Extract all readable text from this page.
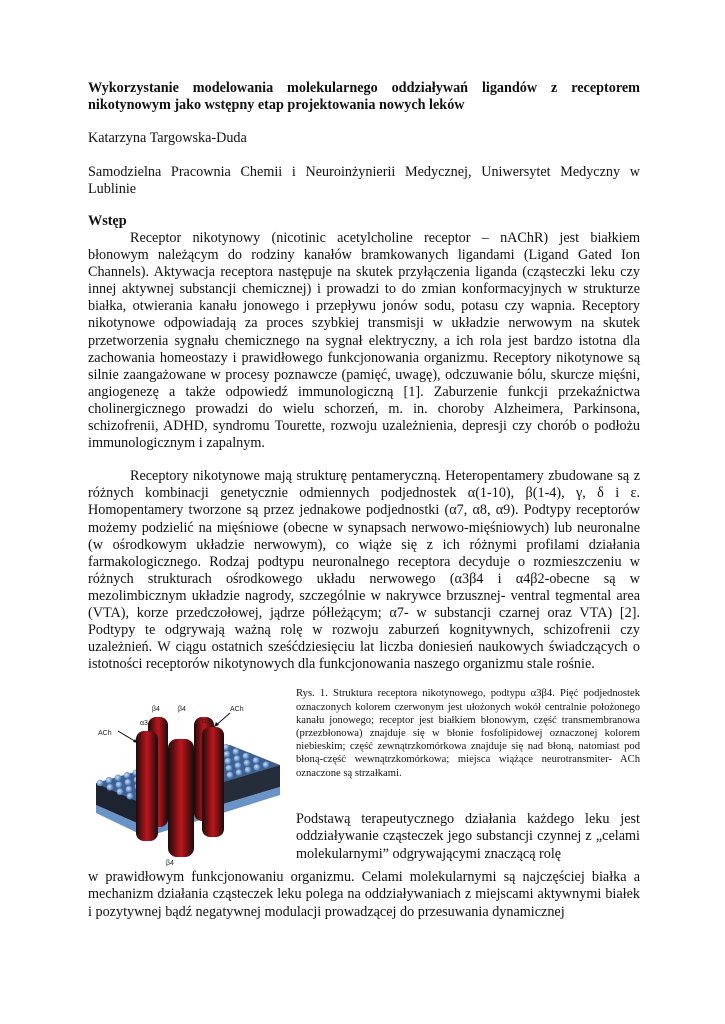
Wykorzystanie modelowania molekularnego oddziaływań ligandów z receptorem nikotynowym jako wstępny etap projektowania nowych leków

Katarzyna Targowska-Duda

Samodzielna Pracownia Chemii i Neuroinżynierii Medycznej, Uniwersytet Medyczny w Lublinie

Wstęp

Receptor nikotynowy (nicotinic acetylcholine receptor – nAChR) jest białkiem błonowym należącym do rodziny kanałów bramkowanych ligandami (Ligand Gated Ion Channels). Aktywacja receptora następuje na skutek przyłączenia liganda (cząsteczki leku czy innej aktywnej substancji chemicznej) i prowadzi to do zmian konformacyjnych w strukturze białka, otwierania kanału jonowego i przepływu jonów sodu, potasu czy wapnia. Receptory nikotynowe odpowiadają za proces szybkiej transmisji w układzie nerwowym na skutek przetworzenia sygnału chemicznego na sygnał elektryczny, a ich rola jest bardzo istotna dla zachowania homeostazy i prawidłowego funkcjonowania organizmu. Receptory nikotynowe są silnie zaangażowane w procesy poznawcze (pamięć, uwagę), odczuwanie bólu, skurcze mięśni, angiogenezę a także odpowiedź immunologiczną [1]. Zaburzenie funkcji przekaźnictwa cholinergicznego prowadzi do wielu schorzeń, m. in. choroby Alzheimera, Parkinsona, schizofrenii, ADHD, syndromu Tourette, rozwoju uzależnienia, depresji czy chorób o podłożu immunologicznym i zapalnym.

Receptory nikotynowe mają strukturę pentameryczną. Heteropentamery zbudowane są z różnych kombinacji genetycznie odmiennych podjednostek α(1-10), β(1-4), γ, δ i ε. Homopentamery tworzone są przez jednakowe podjednostki (α7, α8, α9). Podtypy receptorów możemy podzielić na mięśniowe (obecne w synapsach nerwowo-mięśniowych) lub neuronalne (w ośrodkowym układzie nerwowym), co wiąże się z ich różnymi profilami działania farmakologicznego. Rodzaj podtypu neuronalnego receptora decyduje o rozmieszczeniu w różnych strukturach ośrodkowego układu nerwowego (α3β4 i α4β2-obecne są w mezolimbicznym układzie nagrody, szczególnie w nakrywce brzusznej- ventral tegmental area (VTA), korze przedczołowej, jądrze półleżącym; α7- w substancji czarnej oraz VTA) [2]. Podtypy te odgrywają ważną rolę w rozwoju zaburzeń kognitywnych, schizofrenii czy uzależnień. W ciągu ostatnich sześćdziesięciu lat liczba doniesień naukowych świadczących o istotności receptorów nikotynowych dla funkcjonowania naszego organizmu stale rośnie.

β4	β4	ACh
α3	α3
ACh
β4

Rys. 1. Struktura receptora nikotynowego, podtypu α3β4. Pięć podjednostek oznaczonych kolorem czerwonym jest ułożonych wokół centralnie położonego kanału jonowego; receptor jest białkiem błonowym, część transmembranowa (przezbłonowa) znajduje się w błonie fosfolipidowej oznaczonej kolorem niebieskim; część zewnątrzkomórkowa znajduje się nad błoną, natomiast pod błoną-część wewnątrzkomórkowa; miejsca wiążące neurotransmiter- ACh oznaczone są strzałkami.

Podstawą terapeutycznego działania każdego leku jest oddziaływanie cząsteczek jego substancji czynnej z „celami molekularnymi” odgrywającymi znaczącą rolę

w prawidłowym funkcjonowaniu organizmu. Celami molekularnymi są najczęściej białka a mechanizm działania cząsteczek leku polega na oddziaływaniach z miejscami aktywnymi białek i pozytywnej bądź negatywnej modulacji prowadzącej do przesuwania dynamicznej
